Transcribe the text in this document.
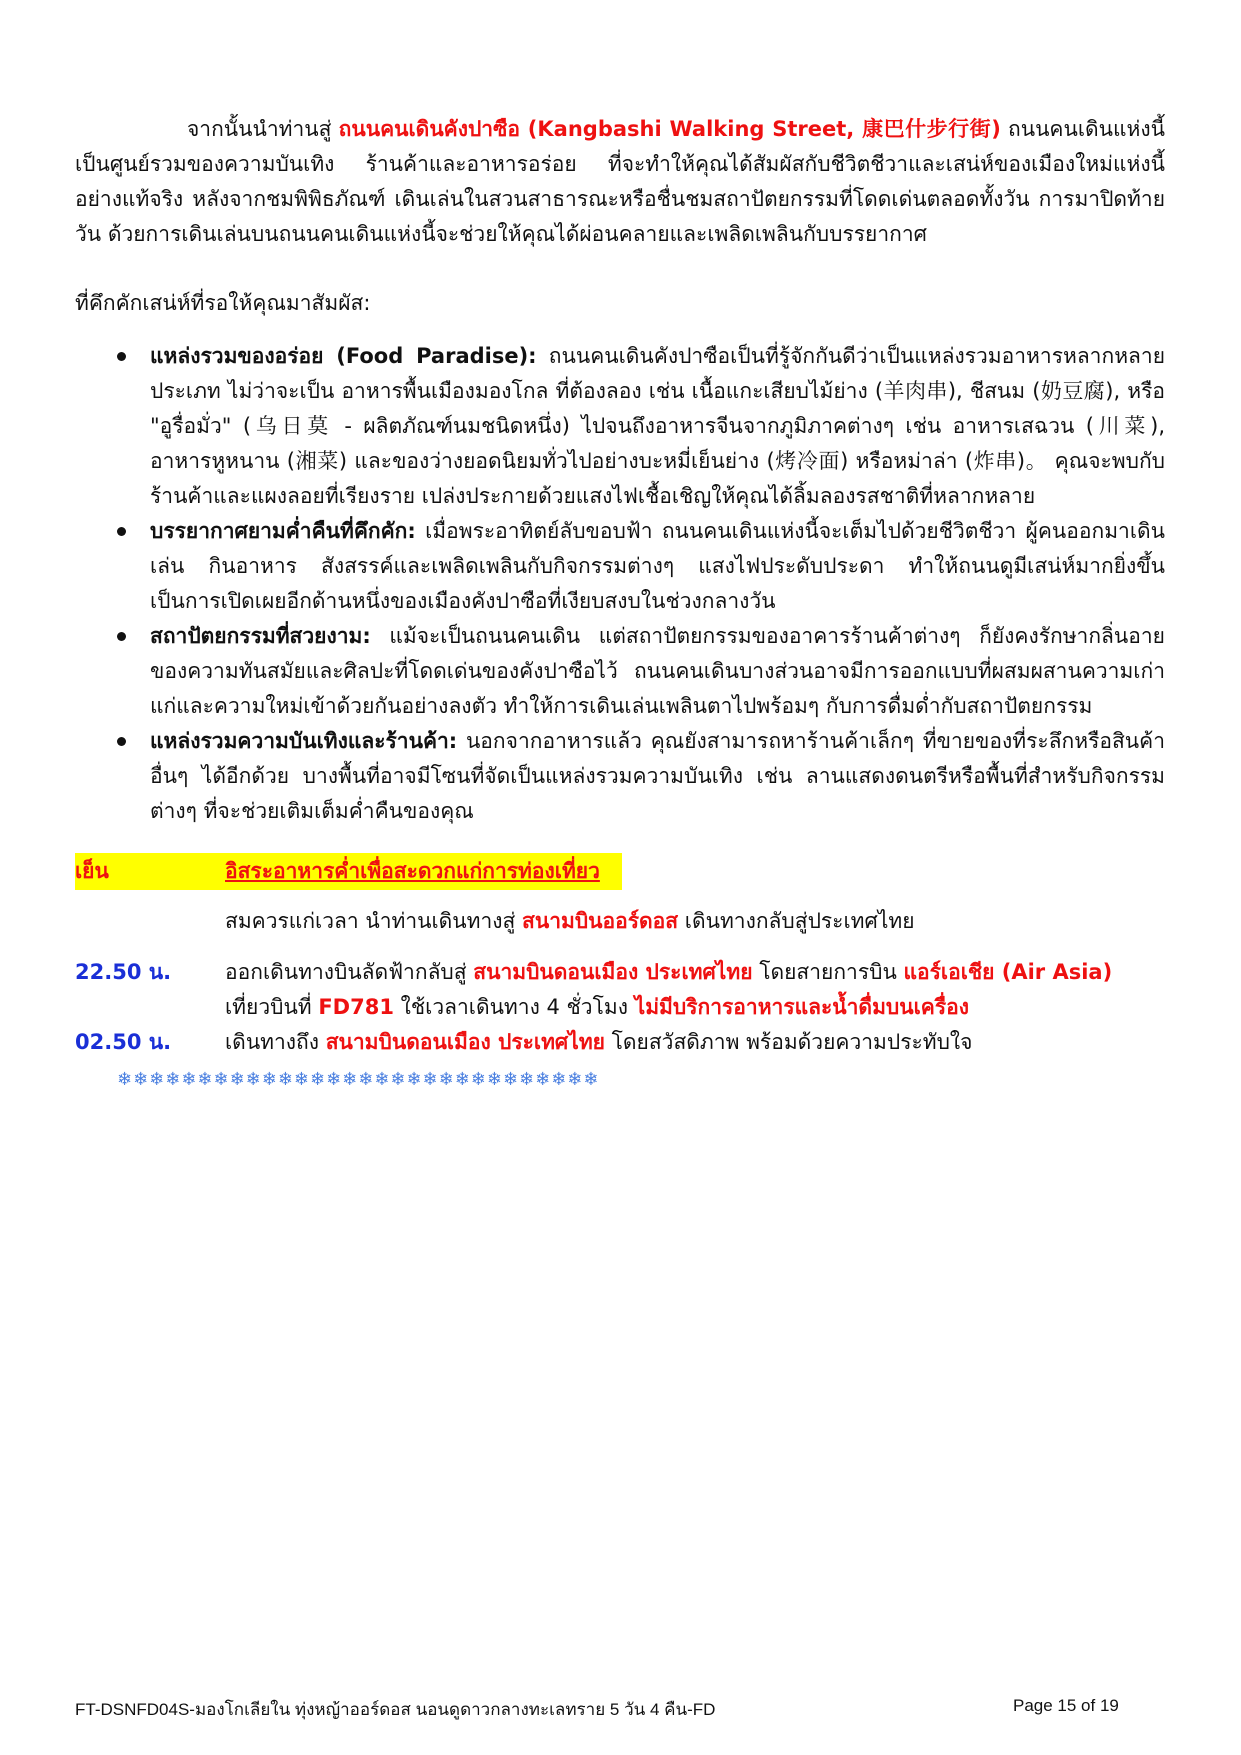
จากนั้นนำท่านสู่ ถนนคนเดินคังปาซือ (Kangbashi Walking Street, 康巴什步行街) ถนนคนเดินแห่งนี้เป็นศูนย์รวมของความบันเทิง ร้านค้าและอาหารอร่อย ที่จะทำให้คุณได้สัมผัสกับชีวิตชีวาและเสน่ห์ของเมืองใหม่แห่งนี้ อย่างแท้จริง หลังจากชมพิพิธภัณฑ์ เดินเล่นในสวนสาธารณะหรือชื่นชมสถาปัตยกรรมที่โดดเด่นตลอดทั้งวัน การมาปิดท้ายวัน ด้วยการเดินเล่นบนถนนคนเดินแห่งนี้จะช่วยให้คุณได้ผ่อนคลายและเพลิดเพลินกับบรรยากาศ

ที่คึกคักเสน่ห์ที่รอให้คุณมาสัมผัส:

แหล่งรวมของอร่อย (Food Paradise): ถนนคนเดินคังปาซือเป็นที่รู้จักกันดีว่าเป็นแหล่งรวมอาหารหลากหลายประเภท ไม่ว่าจะเป็น อาหารพื้นเมืองมองโกล ที่ต้องลอง เช่น เนื้อแกะเสียบไม้ย่าง (羊肉串), ชีสนม (奶豆腐), หรือ "อูรื่อมั่ว" (乌日莫 - ผลิตภัณฑ์นมชนิดหนึ่ง) ไปจนถึงอาหารจีนจากภูมิภาคต่างๆ เช่น อาหารเสฉวน (川菜), อาหารหูหนาน (湘菜) และของว่างยอดนิยมทั่วไปอย่างบะหมี่เย็นย่าง (烤冷面) หรือหม่าล่า (炸串)。 คุณจะพบกับร้านค้าและแผงลอยที่เรียงราย เปล่งประกายด้วยแสงไฟเชื้อเชิญให้คุณได้ลิ้มลองรสชาติที่หลากหลาย
บรรยากาศยามค่ำคืนที่คึกคัก: เมื่อพระอาทิตย์ลับขอบฟ้า ถนนคนเดินแห่งนี้จะเต็มไปด้วยชีวิตชีวา ผู้คนออกมาเดินเล่น กินอาหาร สังสรรค์และเพลิดเพลินกับกิจกรรมต่างๆ แสงไฟประดับประดา ทำให้ถนนดูมีเสน่ห์มากยิ่งขึ้นเป็นการเปิดเผยอีกด้านหนึ่งของเมืองคังปาซือที่เงียบสงบในช่วงกลางวัน
สถาปัตยกรรมที่สวยงาม: แม้จะเป็นถนนคนเดิน แต่สถาปัตยกรรมของอาคารร้านค้าต่างๆ ก็ยังคงรักษากลิ่นอายของความทันสมัยและศิลปะที่โดดเด่นของคังปาซือไว้ ถนนคนเดินบางส่วนอาจมีการออกแบบที่ผสมผสานความเก่าแก่และความใหม่เข้าด้วยกันอย่างลงตัว ทำให้การเดินเล่นเพลินตาไปพร้อมๆ กับการดื่มด่ำกับสถาปัตยกรรม
แหล่งรวมความบันเทิงและร้านค้า: นอกจากอาหารแล้ว คุณยังสามารถหาร้านค้าเล็กๆ ที่ขายของที่ระลึกหรือสินค้าอื่นๆ ได้อีกด้วย บางพื้นที่อาจมีโซนที่จัดเป็นแหล่งรวมความบันเทิง เช่น ลานแสดงดนตรีหรือพื้นที่สำหรับกิจกรรมต่างๆ ที่จะช่วยเติมเต็มค่ำคืนของคุณ
เย็น	อิสระอาหารค่ำเพื่อสะดวกแก่การท่องเที่ยว
สมควรแก่เวลา นำท่านเดินทางสู่ สนามบินออร์ดอส เดินทางกลับสู่ประเทศไทย
22.50 น.	ออกเดินทางบินลัดฟ้ากลับสู่ สนามบินดอนเมือง ประเทศไทย โดยสายการบิน แอร์เอเชีย (Air Asia)
เที่ยวบินที่ FD781 ใช้เวลาเดินทาง 4 ชั่วโมง ไม่มีบริการอาหารและน้ำดื่มบนเครื่อง
02.50 น.	เดินทางถึง สนามบินดอนเมือง ประเทศไทย โดยสวัสดิภาพ พร้อมด้วยความประทับใจ
❄❄❄❄❄❄❄❄❄❄❄❄❄❄❄❄❄❄❄❄❄❄❄❄❄❄❄❄❄❄
FT-DSNFD04S-มองโกเลียใน ทุ่งหญ้าออร์ดอส นอนดูดาวกลางทะเลทราย 5 วัน 4 คืน-FD	Page 15 of 19
